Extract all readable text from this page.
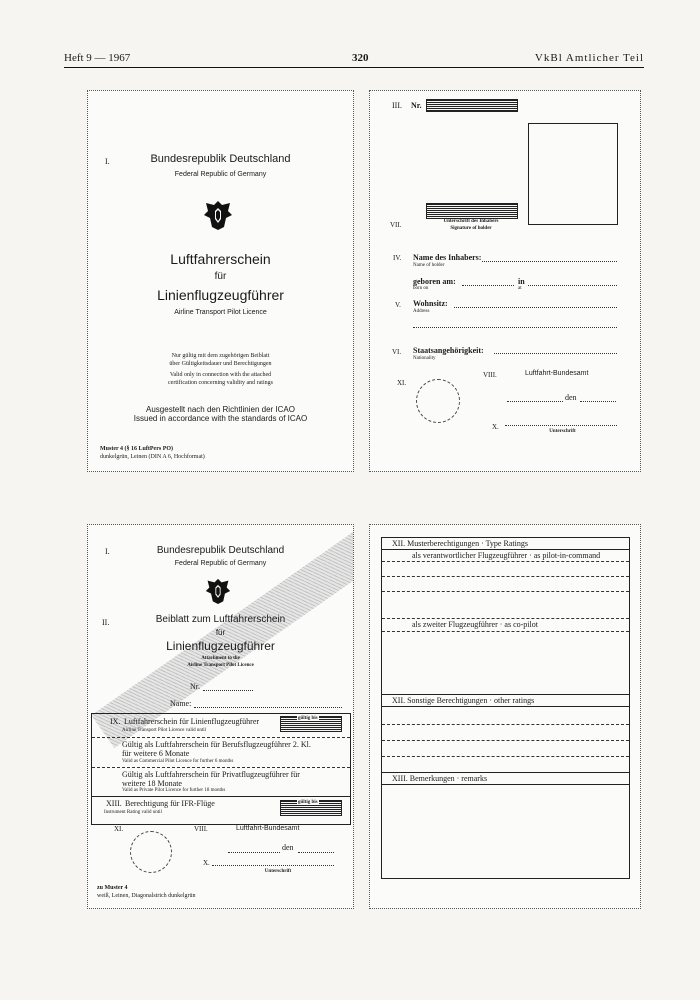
Heft 9 — 1967	320	VkBl Amtlicher Teil
I.	Bundesrepublik Deutschland
Federal Republic of Germany
Luftfahrerschein
für
Linienflugzeugführer
Airline Transport Pilot Licence
Nur gültig mit dem zugehörigen Beiblatt
über Gültigkeitsdauer und Berechtigungen
Valid only in connection with the attached
certification concerning validity and ratings
Ausgestellt nach den Richtlinien der ICAO
Issued in accordance with the standards of ICAO
Muster 4 (§ 16 LuftPers PO)
dunkelgrün, Leinen (DIN A 6, Hochformat)
III. Nr.
VII.	Unterschrift des Inhabers
Signature of holder
IV. Name des Inhabers:
Name of holder
geboren am:
born on
in
at
V. Wohnsitz:
Address
VI. Staatsangehörigkeit:
Nationality
XI.
VIII.	Luftfahrt-Bundesamt
den
X.
Unterschrift
I.	Bundesrepublik Deutschland
Federal Republic of Germany
II.	Beiblatt zum Luftfahrerschein
für
Linienflugzeugführer
Attachment to the
Airline Transport Pilot Licence
Nr.
Name:
IX. Luftfahrerschein für Linienflugzeugführer
Airline Transport Pilot Licence valid until
gültig bis
Gültig als Luftfahrerschein für Berufsflugzeugführer 2. Kl.
für weitere 6 Monate
Valid as Commercial Pilot Licence for further 6 months
Gültig als Luftfahrerschein für Privatflugzeugführer für
weitere 18 Monate
Valid as Private Pilot Licence for further 18 months
XIII. Berechtigung für IFR-Flüge
Instrument Rating valid until
gültig bis
XI.	VIII.	Luftfahrt-Bundesamt
den
X.
Unterschrift
zu Muster 4
weiß, Leinen, Diagonalstrich dunkelgrün
XII. Musterberechtigungen · Type Ratings
als verantwortlicher Flugzeugführer · as pilot-in-command
als zweiter Flugzeugführer · as co-pilot
XII. Sonstige Berechtigungen · other ratings
XIII. Bemerkungen · remarks
